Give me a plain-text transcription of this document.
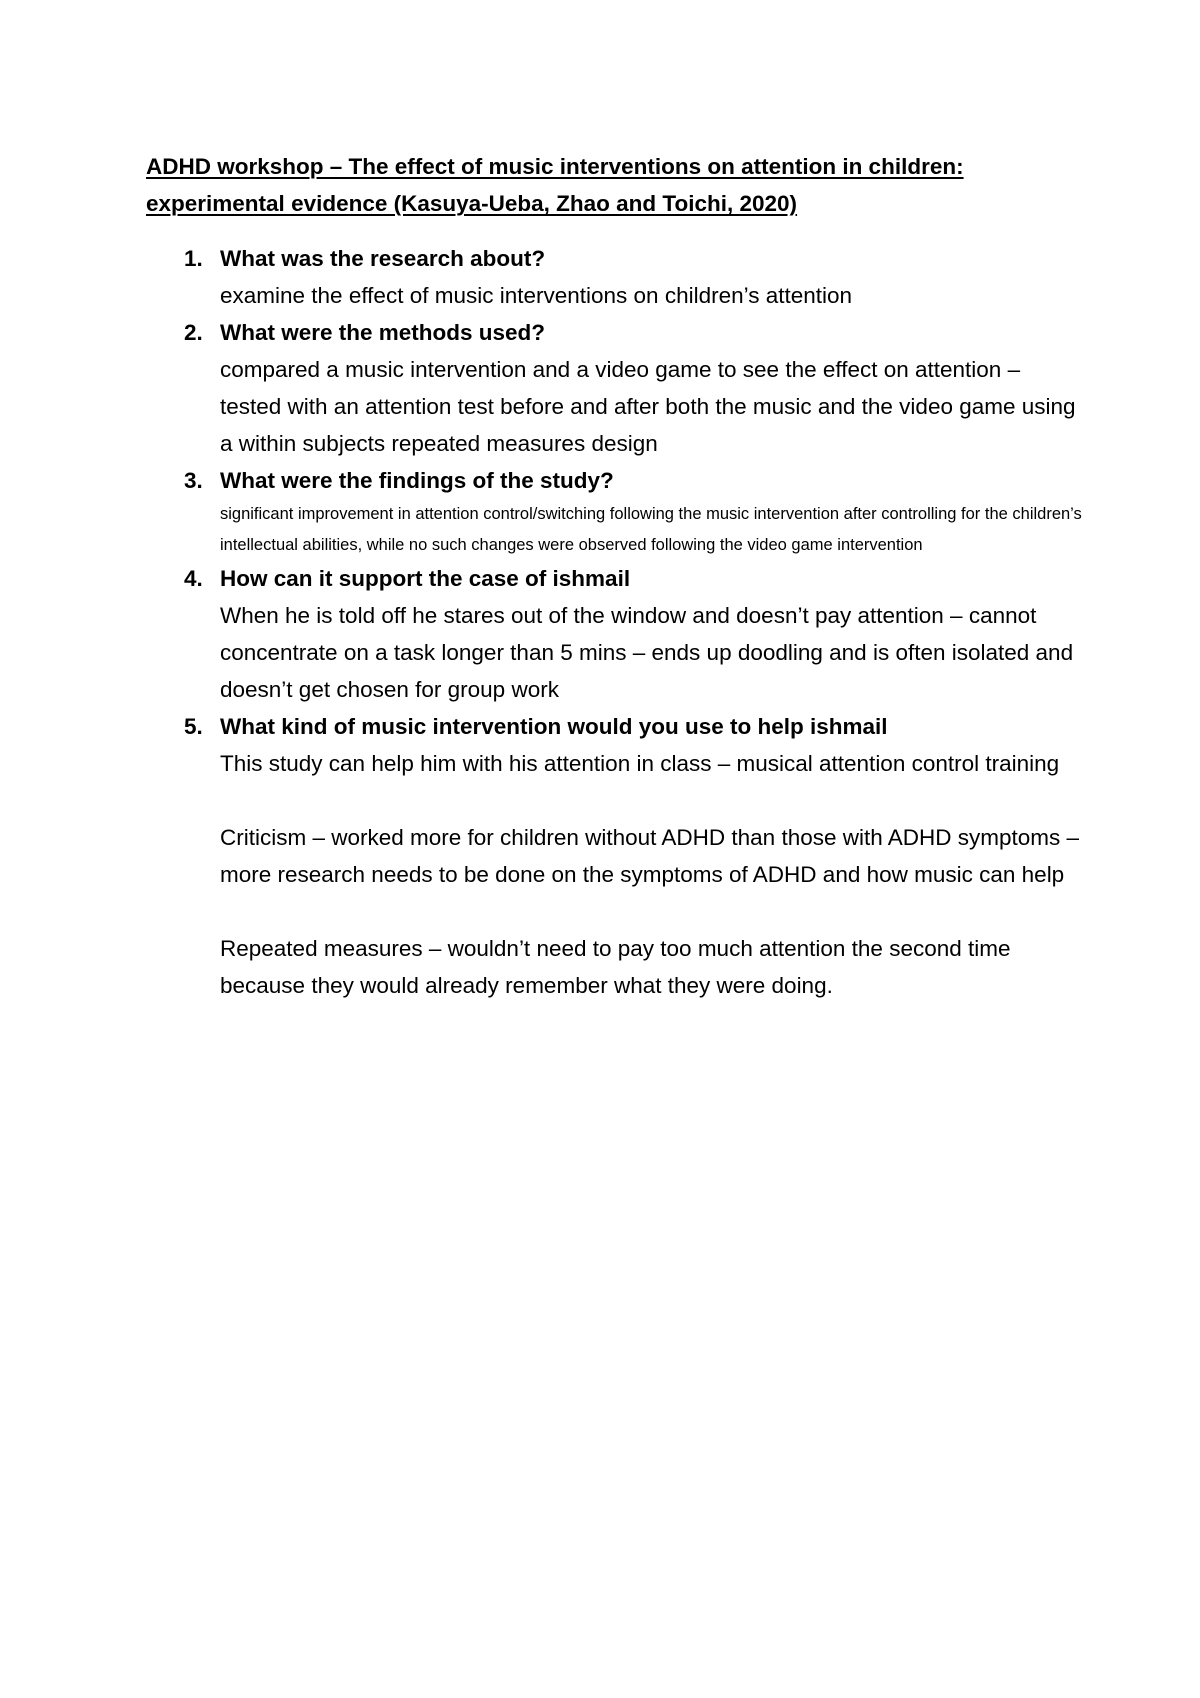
ADHD workshop – The effect of music interventions on attention in children: experimental evidence (Kasuya-Ueba, Zhao and Toichi, 2020)
1. What was the research about?
examine the effect of music interventions on children’s attention
2. What were the methods used?
compared a music intervention and a video game to see the effect on attention – tested with an attention test before and after both the music and the video game using a within subjects repeated measures design
3. What were the findings of the study?
significant improvement in attention control/switching following the music intervention after controlling for the children’s intellectual abilities, while no such changes were observed following the video game intervention
4. How can it support the case of ishmail
When he is told off he stares out of the window and doesn’t pay attention – cannot concentrate on a task longer than 5 mins – ends up doodling and is often isolated and doesn’t get chosen for group work
5. What kind of music intervention would you use to help ishmail
This study can help him with his attention in class – musical attention control training
Criticism – worked more for children without ADHD than those with ADHD symptoms – more research needs to be done on the symptoms of ADHD and how music can help
Repeated measures – wouldn’t need to pay too much attention the second time because they would already remember what they were doing.
